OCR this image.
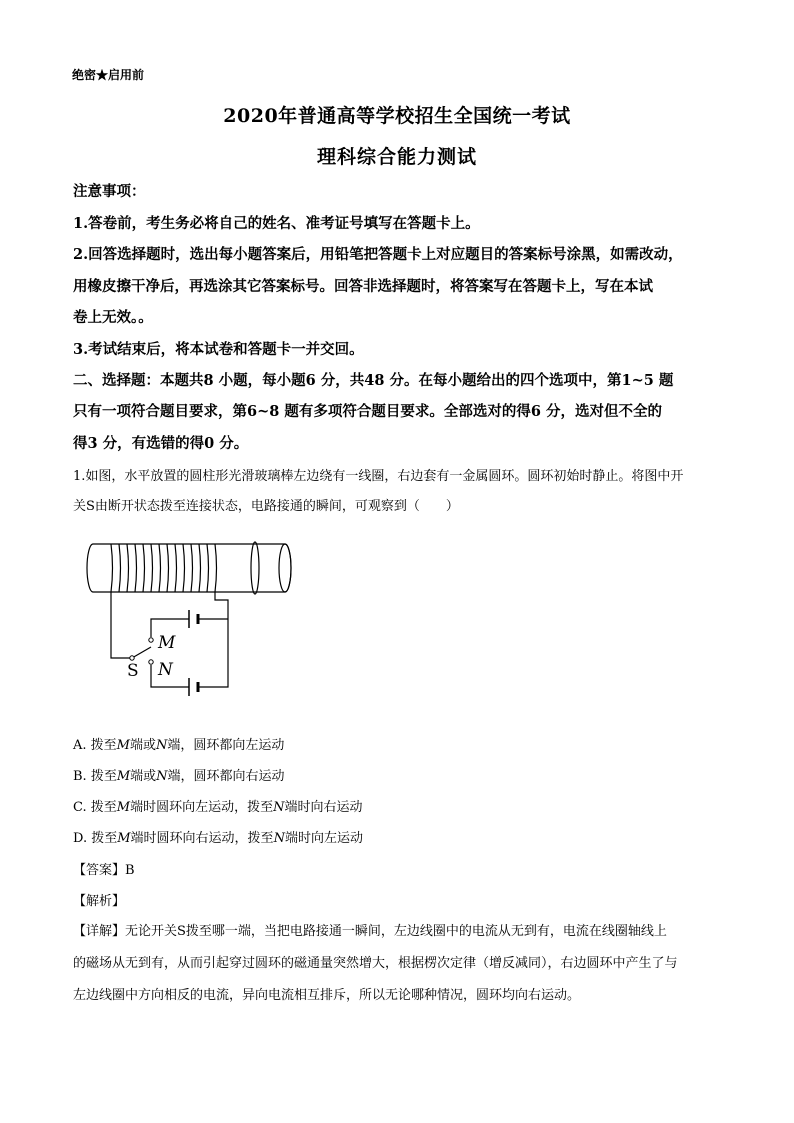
绝密★启用前
2020年普通高等学校招生全国统一考试
理科综合能力测试
注意事项：
1.答卷前，考生务必将自己的姓名、准考证号填写在答题卡上。
2.回答选择题时，选出每小题答案后，用铅笔把答题卡上对应题目的答案标号涂黑，如需改动，
用橡皮擦干净后，再选涂其它答案标号。回答非选择题时，将答案写在答题卡上，写在本试
卷上无效。。
3.考试结束后，将本试卷和答题卡一并交回。
二、选择题：本题共8 小题，每小题6 分，共48 分。在每小题给出的四个选项中，第1~5 题
只有一项符合题目要求，第6~8 题有多项符合题目要求。全部选对的得6 分，选对但不全的
得3 分，有选错的得0 分。
1.如图，水平放置的圆柱形光滑玻璃棒左边绕有一线圈，右边套有一金属圆环。圆环初始时静止。将图中开
关S由断开状态拨至连接状态，电路接通的瞬间，可观察到（　　）
M
N
S
A. 拨至M端或N端，圆环都向左运动
B. 拨至M端或N端，圆环都向右运动
C. 拨至M端时圆环向左运动，拨至N端时向右运动
D. 拨至M端时圆环向右运动，拨至N端时向左运动
【答案】B
【解析】
【详解】无论开关S拨至哪一端，当把电路接通一瞬间，左边线圈中的电流从无到有，电流在线圈轴线上
的磁场从无到有，从而引起穿过圆环的磁通量突然增大，根据楞次定律（增反减同），右边圆环中产生了与
左边线圈中方向相反的电流，异向电流相互排斥，所以无论哪种情况，圆环均向右运动。
